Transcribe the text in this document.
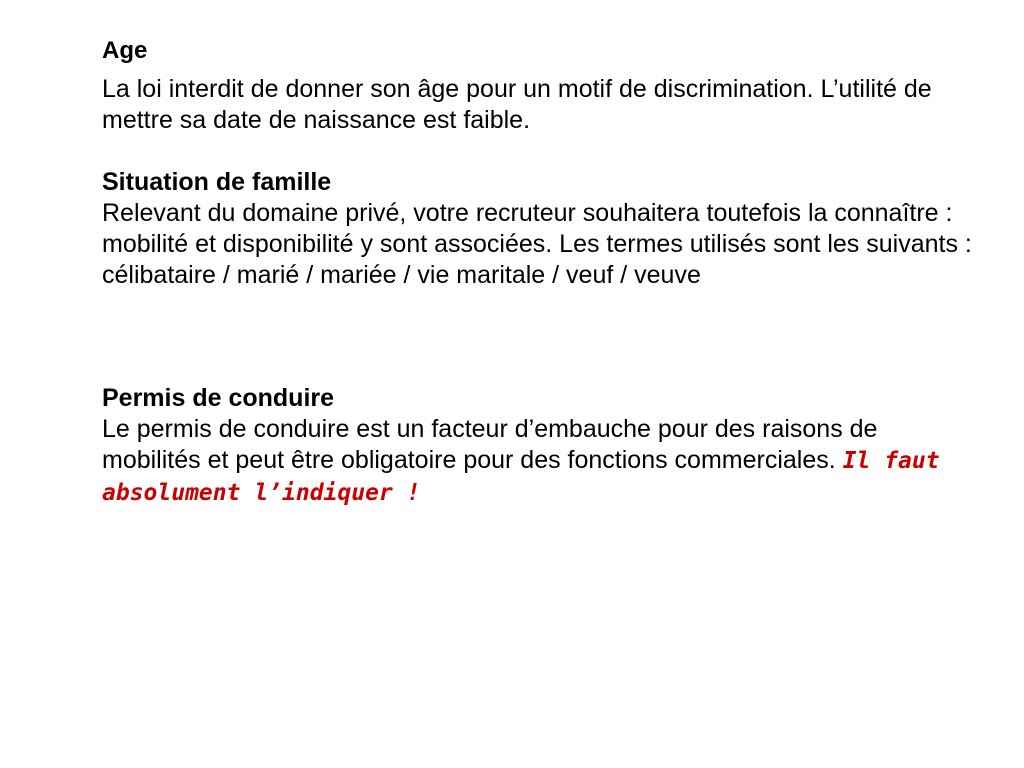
Age

La loi interdit de donner son âge pour un motif de discrimination. L’utilité de mettre sa date de naissance est faible.

Situation de famille

Relevant du domaine privé, votre recruteur souhaitera toutefois la connaître : mobilité et disponibilité y sont associées. Les termes utilisés sont les suivants : célibataire / marié / mariée / vie maritale / veuf / veuve

Permis de conduire

Le permis de conduire est un facteur d’embauche pour des raisons de mobilités et peut être obligatoire pour des fonctions commerciales. Il faut absolument l’indiquer !
